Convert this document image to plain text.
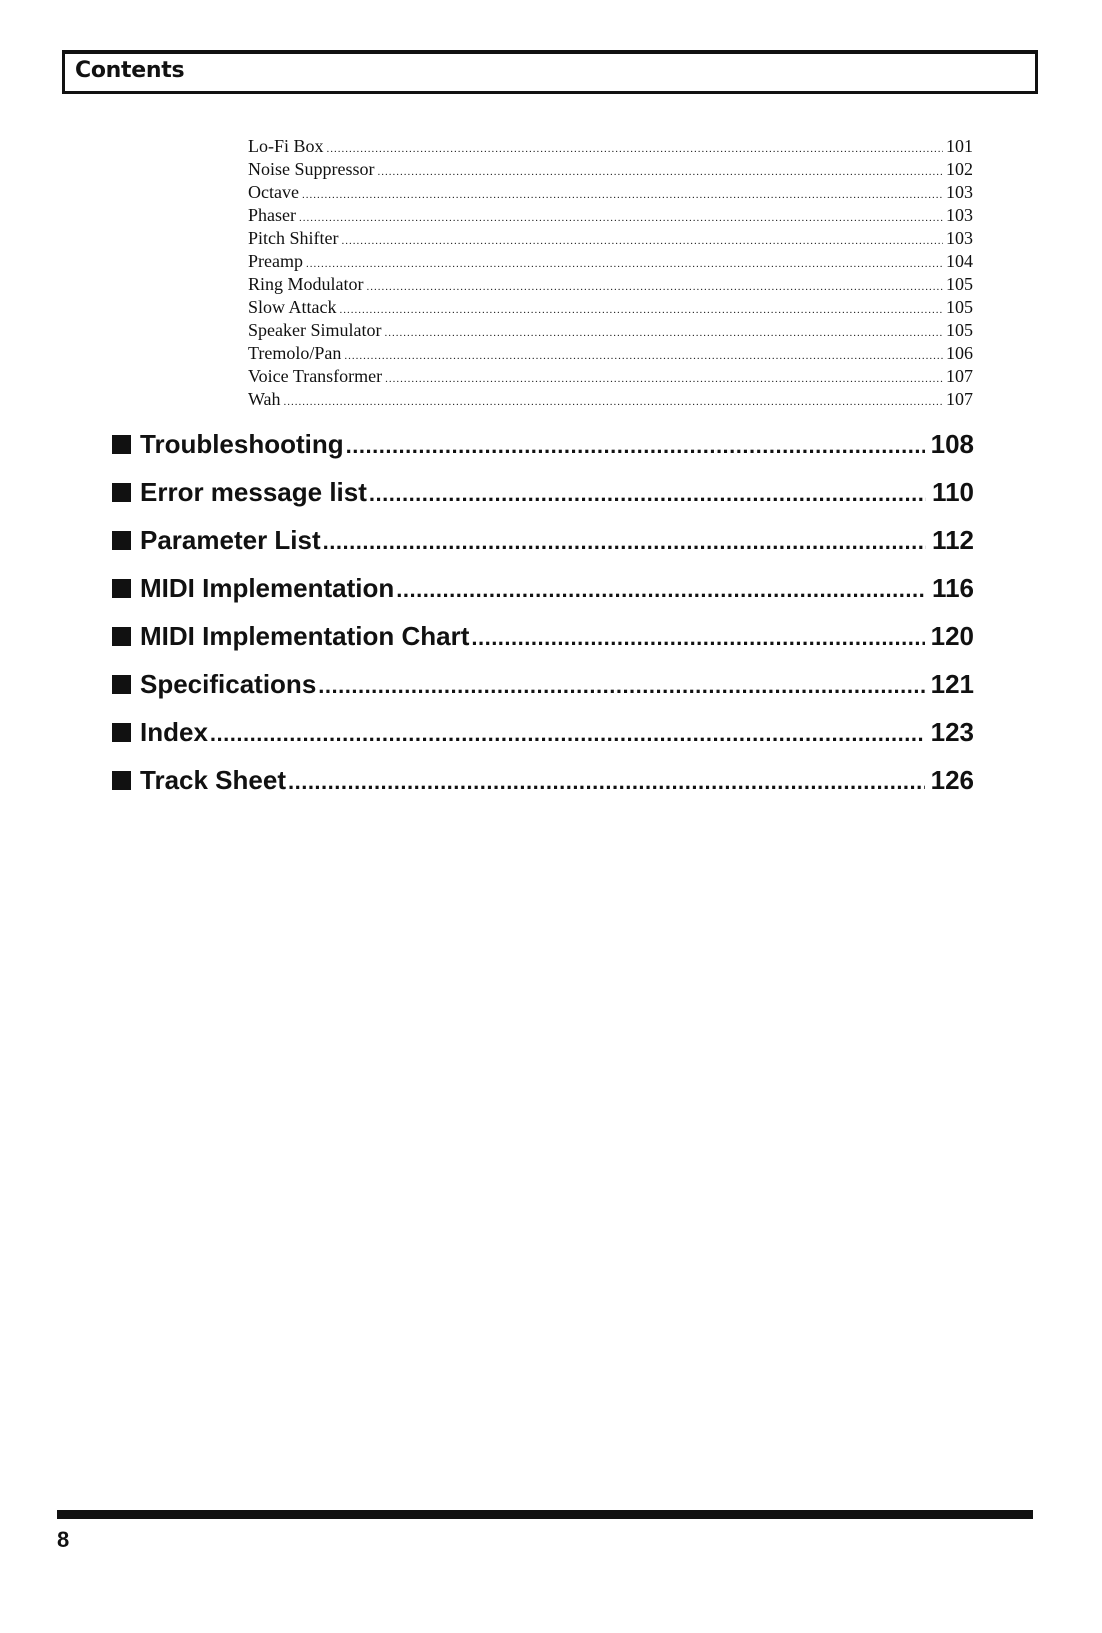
Contents
Lo-Fi Box .....	101
Noise Suppressor .....	102
Octave .....	103
Phaser .....	103
Pitch Shifter .....	103
Preamp .....	104
Ring Modulator .....	105
Slow Attack .....	105
Speaker Simulator .....	105
Tremolo/Pan .....	106
Voice Transformer .....	107
Wah .....	107
Troubleshooting .....	108
Error message list .....	110
Parameter List .....	112
MIDI Implementation .....	116
MIDI Implementation Chart .....	120
Specifications .....	121
Index .....	123
Track Sheet .....	126
8
